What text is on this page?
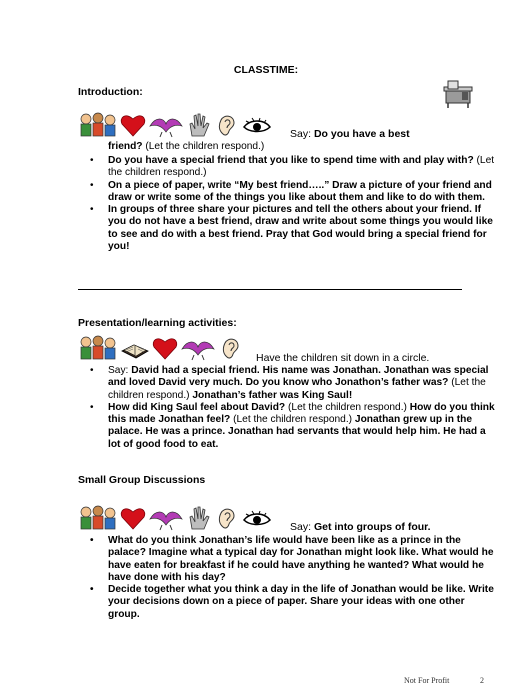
CLASSTIME:
Introduction:
Say: Do you have a best
friend? (Let the children respond.)
• Do you have a special friend that you like to spend time with and play with? (Let the children respond.)
• On a piece of paper, write “My best friend…..” Draw a picture of your friend and draw or write some of the things you like about them and like to do with them.
• In groups of three share your pictures and tell the others about your friend. If you do not have a best friend, draw and write about some things you would like to see and do with a best friend. Pray that God would bring a special friend for you!
Presentation/learning activities:
Have the children sit down in a circle.
• Say: David had a special friend. His name was Jonathan. Jonathan was special and loved David very much. Do you know who Jonathon’s father was? (Let the children respond.) Jonathan’s father was King Saul!
• How did King Saul feel about David? (Let the children respond.) How do you think this made Jonathan feel? (Let the children respond.) Jonathan grew up in the palace. He was a prince. Jonathan had servants that would help him. He had a lot of good food to eat.
Small Group Discussions
Say: Get into groups of four.
• What do you think Jonathan’s life would have been like as a prince in the palace? Imagine what a typical day for Jonathan might look like. What would he have eaten for breakfast if he could have anything he wanted? What would he have done with his day?
• Decide together what you think a day in the life of Jonathan would be like. Write your decisions down on a piece of paper. Share your ideas with one other group.
Not For Profit	2
